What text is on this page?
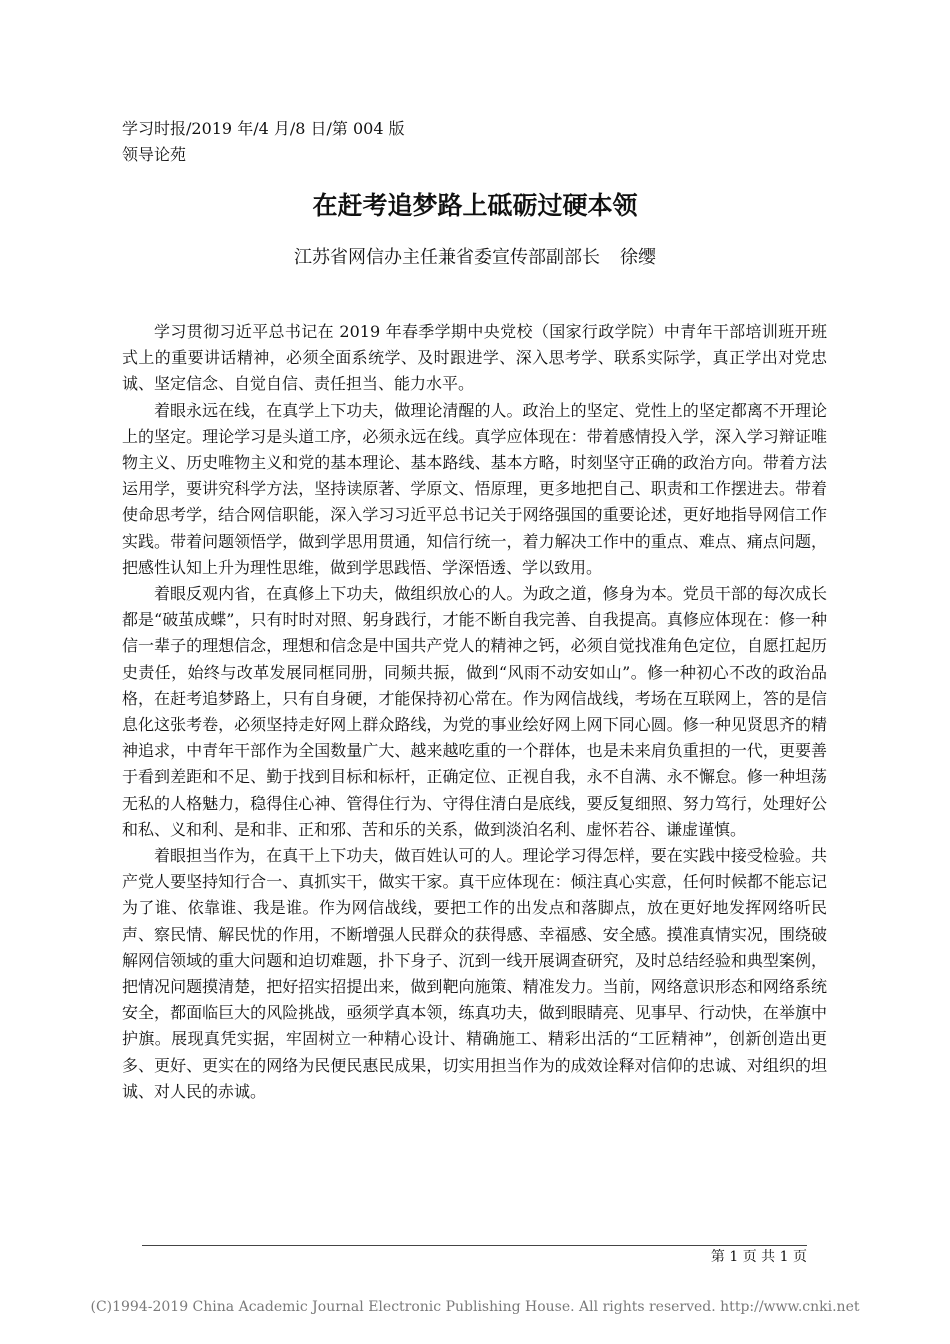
学习时报/2019 年/4 月/8 日/第 004 版
领导论苑
在赶考追梦路上砥砺过硬本领
江苏省网信办主任兼省委宣传部副部长 徐缨

学习贯彻习近平总书记在 2019 年春季学期中央党校（国家行政学院）中青年干部培训班开班式上的重要讲话精神，必须全面系统学、及时跟进学、深入思考学、联系实际学，真正学出对党忠诚、坚定信念、自觉自信、责任担当、能力水平。

着眼永远在线，在真学上下功夫，做理论清醒的人。政治上的坚定、党性上的坚定都离不开理论上的坚定。理论学习是头道工序，必须永远在线。真学应体现在：带着感情投入学，深入学习辩证唯物主义、历史唯物主义和党的基本理论、基本路线、基本方略，时刻坚守正确的政治方向。带着方法运用学，要讲究科学方法，坚持读原著、学原文、悟原理，更多地把自己、职责和工作摆进去。带着使命思考学，结合网信职能，深入学习习近平总书记关于网络强国的重要论述，更好地指导网信工作实践。带着问题领悟学，做到学思用贯通，知信行统一，着力解决工作中的重点、难点、痛点问题，把感性认知上升为理性思维，做到学思践悟、学深悟透、学以致用。

着眼反观内省，在真修上下功夫，做组织放心的人。为政之道，修身为本。党员干部的每次成长都是“破茧成蝶”，只有时时对照、躬身践行，才能不断自我完善、自我提高。真修应体现在：修一种信一辈子的理想信念，理想和信念是中国共产党人的精神之钙，必须自觉找准角色定位，自愿扛起历史责任，始终与改革发展同框同册，同频共振，做到“风雨不动安如山”。修一种初心不改的政治品格，在赶考追梦路上，只有自身硬，才能保持初心常在。作为网信战线，考场在互联网上，答的是信息化这张考卷，必须坚持走好网上群众路线，为党的事业绘好网上网下同心圆。修一种见贤思齐的精神追求，中青年干部作为全国数量广大、越来越吃重的一个群体，也是未来肩负重担的一代，更要善于看到差距和不足、勤于找到目标和标杆，正确定位、正视自我，永不自满、永不懈怠。修一种坦荡无私的人格魅力，稳得住心神、管得住行为、守得住清白是底线，要反复细照、努力笃行，处理好公和私、义和利、是和非、正和邪、苦和乐的关系，做到淡泊名利、虚怀若谷、谦虚谨慎。

着眼担当作为，在真干上下功夫，做百姓认可的人。理论学习得怎样，要在实践中接受检验。共产党人要坚持知行合一、真抓实干，做实干家。真干应体现在：倾注真心实意，任何时候都不能忘记为了谁、依靠谁、我是谁。作为网信战线，要把工作的出发点和落脚点，放在更好地发挥网络听民声、察民情、解民忧的作用，不断增强人民群众的获得感、幸福感、安全感。摸准真情实况，围绕破解网信领域的重大问题和迫切难题，扑下身子、沉到一线开展调查研究，及时总结经验和典型案例，把情况问题摸清楚，把好招实招提出来，做到靶向施策、精准发力。当前，网络意识形态和网络系统安全，都面临巨大的风险挑战，亟须学真本领，练真功夫，做到眼睛亮、见事早、行动快，在举旗中护旗。展现真凭实据，牢固树立一种精心设计、精确施工、精彩出活的“工匠精神”，创新创造出更多、更好、更实在的网络为民便民惠民成果，切实用担当作为的成效诠释对信仰的忠诚、对组织的坦诚、对人民的赤诚。

第 1 页 共 1 页
(C)1994-2019 China Academic Journal Electronic Publishing House. All rights reserved. http://www.cnki.net
